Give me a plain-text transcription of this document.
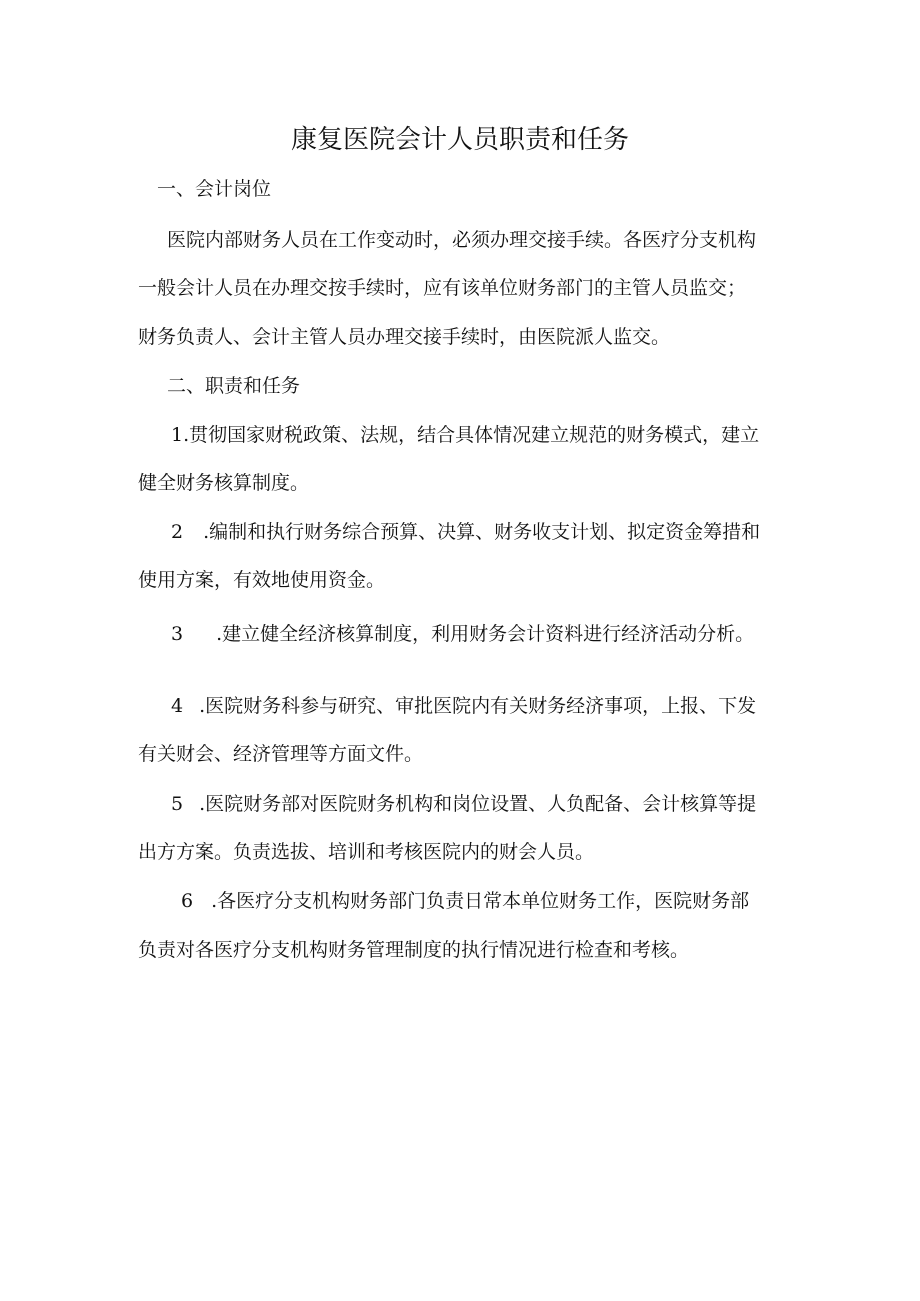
康复医院会计人员职责和任务
一、会计岗位
医院内部财务人员在工作变动时，必须办理交接手续。各医疗分支机构
一般会计人员在办理交按手续时，应有该单位财务部门的主管人员监交；
财务负责人、会计主管人员办理交接手续时，由医院派人监交。
二、职责和任务
1.贯彻国家财税政策、法规，结合具体情况建立规范的财务模式，建立
健全财务核算制度。
2 .编制和执行财务综合预算、决算、财务收支计划、拟定资金筹措和
使用方案，有效地使用资金。
3 .建立健全经济核算制度，利用财务会计资料进行经济活动分析。
4 .医院财务科参与研究、审批医院内有关财务经济事项，上报、下发
有关财会、经济管理等方面文件。
5 .医院财务部对医院财务机构和岗位设置、人负配备、会计核算等提
出方方案。负责选拔、培训和考核医院内的财会人员。
6 .各医疗分支机构财务部门负责日常本单位财务工作，医院财务部
负责对各医疗分支机构财务管理制度的执行情况进行检查和考核。
